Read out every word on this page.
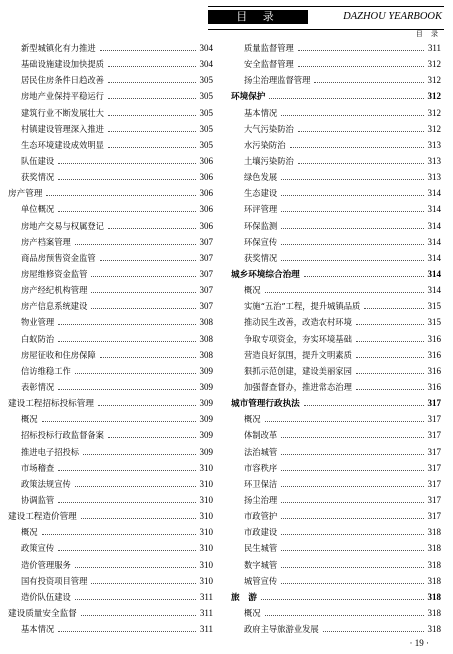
目 录	DAZHOU YEARBOOK
目 录
新型城镇化有力推进	304
基础设施建设加快提质	304
居民住房条件日趋改善	305
房地产业保持平稳运行	305
建筑行业不断发展壮大	305
村镇建设管理深入推进	305
生态环境建设成效明显	305
队伍建设	306
获奖情况	306
房产管理	306
单位概况	306
房地产交易与权属登记	306
房产档案管理	307
商品房预售资金监管	307
房屋维修资金监管	307
房产经纪机构管理	307
房产信息系统建设	307
物业管理	308
白蚁防治	308
房屋征收和住房保障	308
信访维稳工作	309
表彰情况	309
建设工程招标投标管理	309
概况	309
招标投标行政监督备案	309
推进电子招投标	309
市场稽查	310
政策法规宣传	310
协调监管	310
建设工程造价管理	310
概况	310
政策宣传	310
造价管理服务	310
国有投资项目管理	310
造价队伍建设	311
建设质量安全监督	311
基本情况	311
质量监督管理	311
安全监督管理	312
扬尘治理监督管理	312
环境保护	312
基本情况	312
大气污染防治	312
水污染防治	313
土壤污染防治	313
绿色发展	313
生态建设	314
环评管理	314
环保监测	314
环保宣传	314
获奖情况	314
城乡环境综合治理	314
概况	314
实施“五治”工程，提升城镇品质	315
推动民生改善，改造农村环境	315
争取专项资金，夯实环境基础	316
营造良好氛围，提升文明素质	316
狠抓示范创建，建设美丽家园	316
加强督查督办，推进常态治理	316
城市管理行政执法	317
概况	317
体制改革	317
法治城管	317
市容秩序	317
环卫保洁	317
扬尘治理	317
市政管护	317
市政建设	318
民生城管	318
数字城管	318
城管宣传	318
旅　游	318
概况	318
政府主导旅游业发展	318
· 19 ·
